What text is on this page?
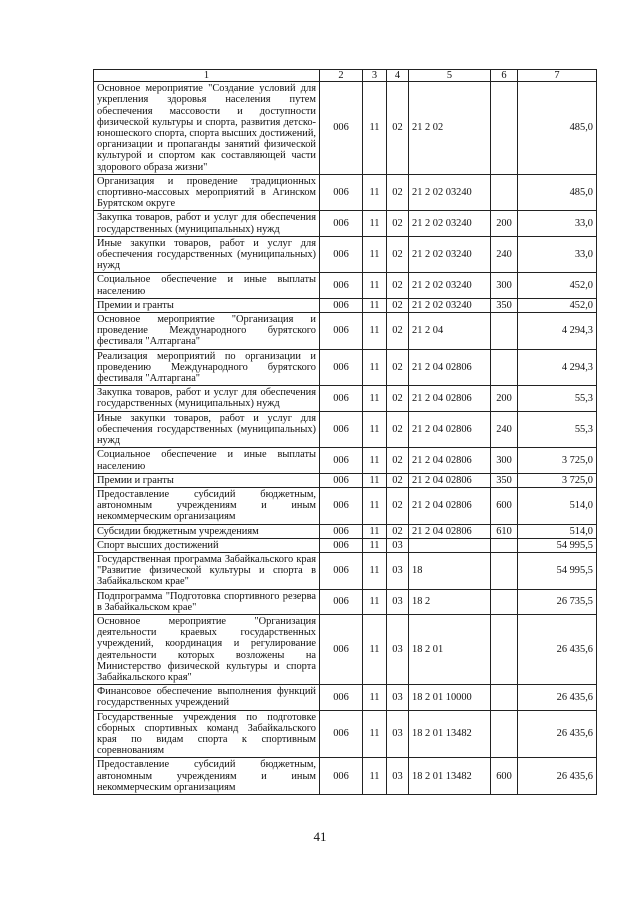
1	2	3	4	5	6	7
Основное мероприятие "Создание условий для укрепления здоровья населения путем обеспечения массовости и доступности физической культуры и спорта, развития детско-юношеского спорта, спорта высших достижений, организации и пропаганды занятий физической культурой и спортом как составляющей части здорового образа жизни"	006	11	02	21 2 02		485,0
Организация и проведение традиционных спортивно-массовых мероприятий в Агинском Бурятском округе	006	11	02	21 2 02 03240		485,0
Закупка товаров, работ и услуг для обеспечения государственных (муниципальных) нужд	006	11	02	21 2 02 03240	200	33,0
Иные закупки товаров, работ и услуг для обеспечения государственных (муниципальных) нужд	006	11	02	21 2 02 03240	240	33,0
Социальное обеспечение и иные выплаты населению	006	11	02	21 2 02 03240	300	452,0
Премии и гранты	006	11	02	21 2 02 03240	350	452,0
Основное мероприятие "Организация и проведение Международного бурятского фестиваля "Алтаргана"	006	11	02	21 2 04		4 294,3
Реализация мероприятий по организации и проведению Международного бурятского фестиваля "Алтаргана"	006	11	02	21 2 04 02806		4 294,3
Закупка товаров, работ и услуг для обеспечения государственных (муниципальных) нужд	006	11	02	21 2 04 02806	200	55,3
Иные закупки товаров, работ и услуг для обеспечения государственных (муниципальных) нужд	006	11	02	21 2 04 02806	240	55,3
Социальное обеспечение и иные выплаты населению	006	11	02	21 2 04 02806	300	3 725,0
Премии и гранты	006	11	02	21 2 04 02806	350	3 725,0
Предоставление субсидий бюджетным, автономным учреждениям и иным некоммерческим организациям	006	11	02	21 2 04 02806	600	514,0
Субсидии бюджетным учреждениям	006	11	02	21 2 04 02806	610	514,0
Спорт высших достижений	006	11	03			54 995,5
Государственная программа Забайкальского края "Развитие физической культуры и спорта в Забайкальском крае"	006	11	03	18		54 995,5
Подпрограмма "Подготовка спортивного резерва в Забайкальском крае"	006	11	03	18 2		26 735,5
Основное мероприятие "Организация деятельности краевых государственных учреждений, координация и регулирование деятельности которых возложены на Министерство физической культуры и спорта Забайкальского края"	006	11	03	18 2 01		26 435,6
Финансовое обеспечение выполнения функций государственных учреждений	006	11	03	18 2 01 10000		26 435,6
Государственные учреждения по подготовке сборных спортивных команд Забайкальского края по видам спорта к спортивным соревнованиям	006	11	03	18 2 01 13482		26 435,6
Предоставление субсидий бюджетным, автономным учреждениям и иным некоммерческим организациям	006	11	03	18 2 01 13482	600	26 435,6
41
